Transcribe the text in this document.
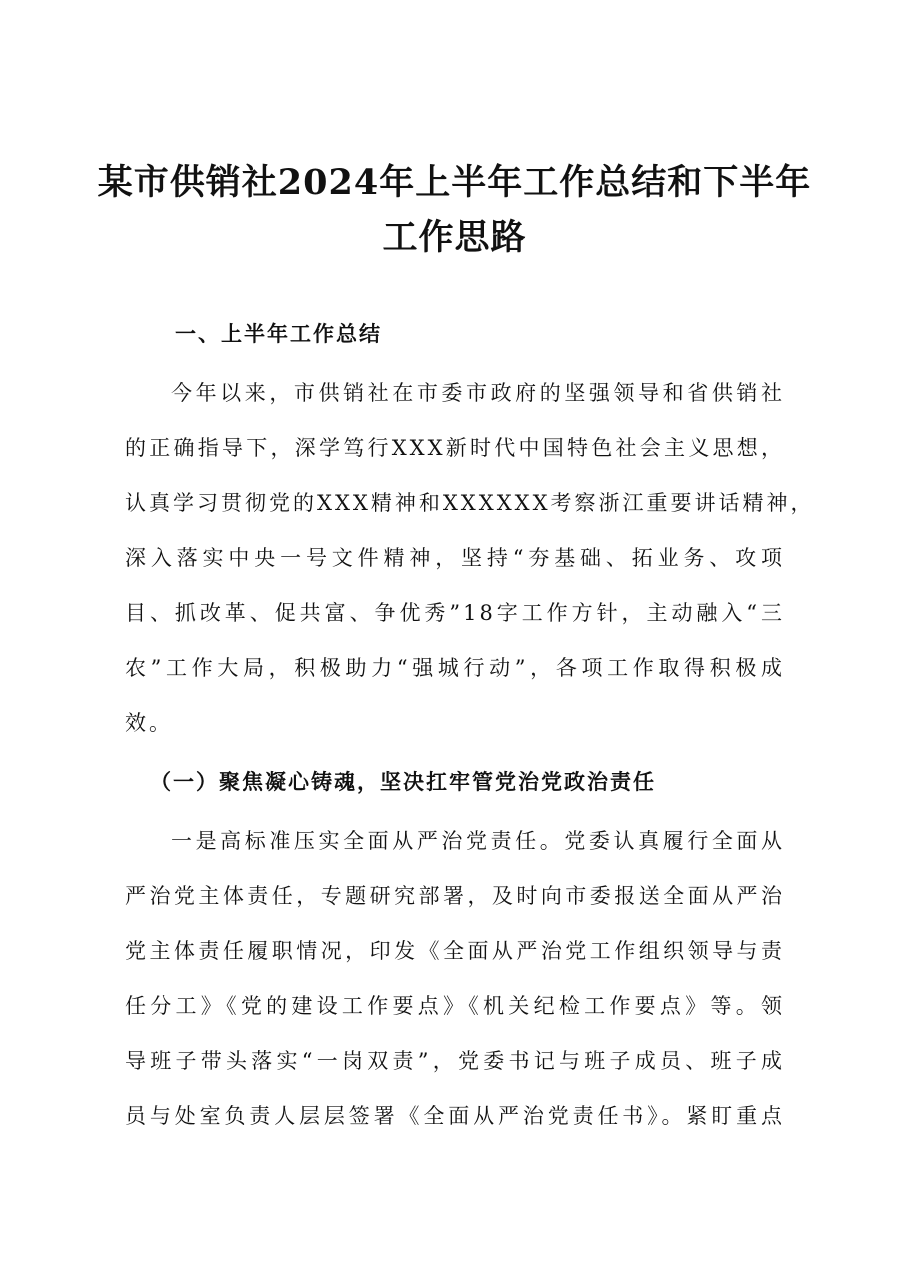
某市供销社2024年上半年工作总结和下半年
工作思路
一、上半年工作总结
今年以来，市供销社在市委市政府的坚强领导和省供销社
的正确指导下，深学笃行XXX新时代中国特色社会主义思想，
认真学习贯彻党的XXX精神和XXXXXX考察浙江重要讲话精神，
深入落实中央一号文件精神，坚持“夯基础、拓业务、攻项
目、抓改革、促共富、争优秀”18字工作方针，主动融入“三
农”工作大局，积极助力“强城行动”，各项工作取得积极成
效。
（一）聚焦凝心铸魂，坚决扛牢管党治党政治责任
一是高标准压实全面从严治党责任。党委认真履行全面从
严治党主体责任，专题研究部署，及时向市委报送全面从严治
党主体责任履职情况，印发《全面从严治党工作组织领导与责
任分工》《党的建设工作要点》《机关纪检工作要点》等。领
导班子带头落实“一岗双责”，党委书记与班子成员、班子成
员与处室负责人层层签署《全面从严治党责任书》。紧盯重点
